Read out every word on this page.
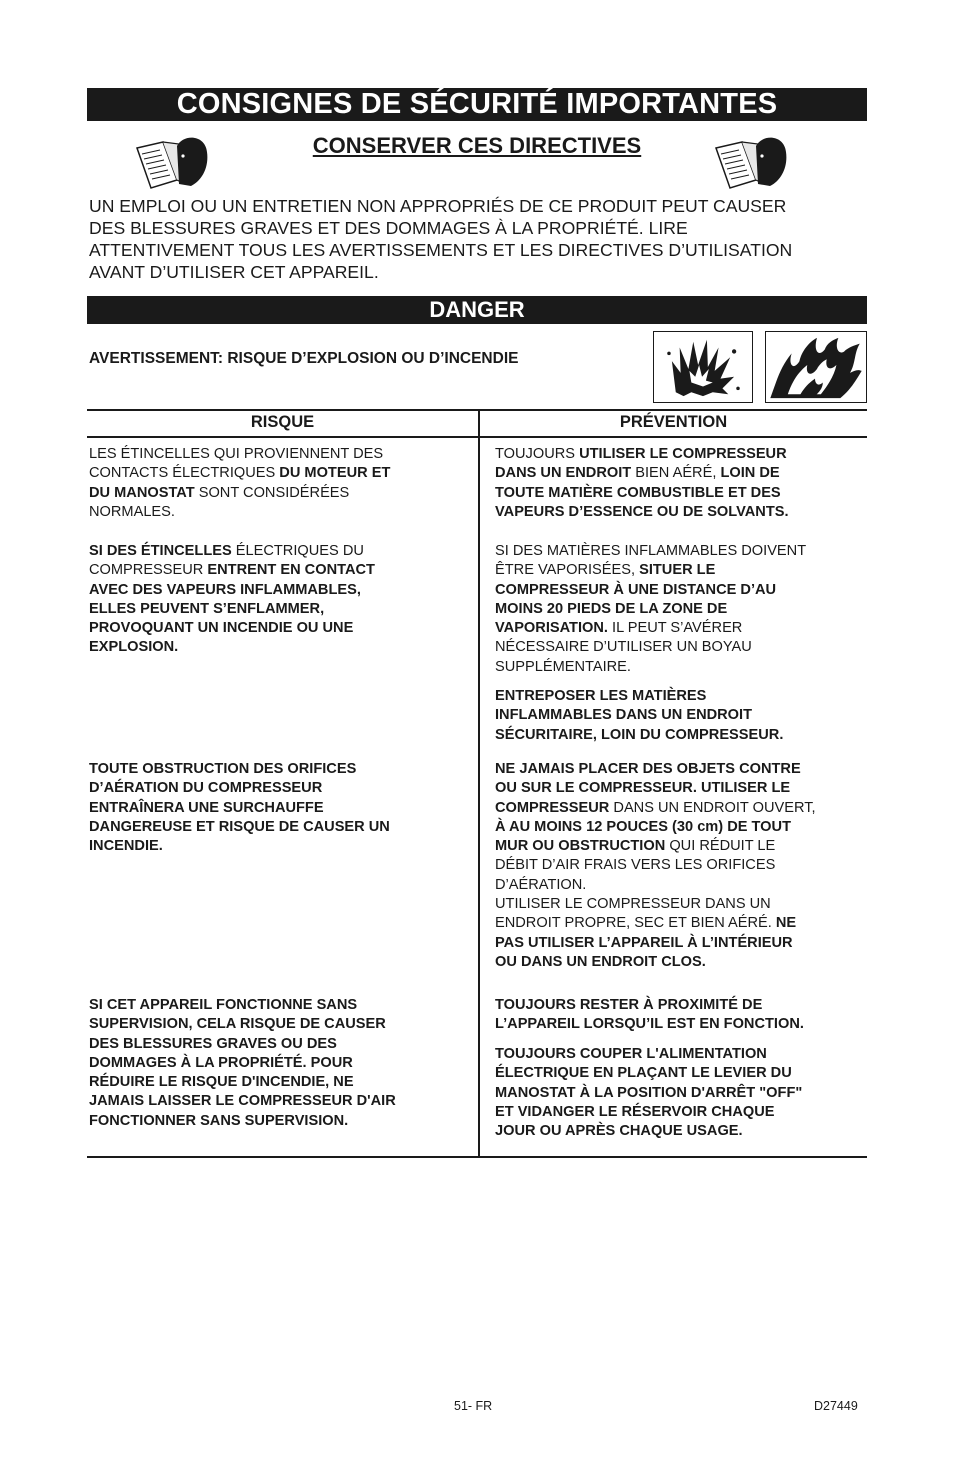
CONSIGNES DE SÉCURITÉ IMPORTANTES
CONSERVER CES DIRECTIVES
UN EMPLOI OU UN ENTRETIEN NON APPROPRIÉS DE CE PRODUIT PEUT CAUSER
DES BLESSURES GRAVES ET DES DOMMAGES À LA PROPRIÉTÉ. LIRE
ATTENTIVEMENT TOUS LES AVERTISSEMENTS ET LES DIRECTIVES D’UTILISATION
AVANT D’UTILISER CET APPAREIL.
DANGER
AVERTISSEMENT: RISQUE D’EXPLOSION OU D’INCENDIE
RISQUE	PRÉVENTION
LES ÉTINCELLES QUI PROVIENNENT DES
CONTACTS ÉLECTRIQUES DU MOTEUR ET
DU MANOSTAT SONT CONSIDÉRÉES
NORMALES.
SI DES ÉTINCELLES ÉLECTRIQUES DU
COMPRESSEUR ENTRENT EN CONTACT
AVEC DES VAPEURS INFLAMMABLES,
ELLES PEUVENT S’ENFLAMMER,
PROVOQUANT UN INCENDIE OU UNE
EXPLOSION.
TOUTE OBSTRUCTION DES ORIFICES
D’AÉRATION DU COMPRESSEUR
ENTRAÎNERA UNE SURCHAUFFE
DANGEREUSE ET RISQUE DE CAUSER UN
INCENDIE.
SI CET APPAREIL FONCTIONNE SANS
SUPERVISION, CELA RISQUE DE CAUSER
DES BLESSURES GRAVES OU DES
DOMMAGES À LA PROPRIÉTÉ. POUR
RÉDUIRE LE RISQUE D'INCENDIE, NE
JAMAIS LAISSER LE COMPRESSEUR D'AIR
FONCTIONNER SANS SUPERVISION.
TOUJOURS UTILISER LE COMPRESSEUR
DANS UN ENDROIT BIEN AÉRÉ, LOIN DE
TOUTE MATIÈRE COMBUSTIBLE ET DES
VAPEURS D’ESSENCE OU DE SOLVANTS.
SI DES MATIÈRES INFLAMMABLES DOIVENT
ÊTRE VAPORISÉES, SITUER LE
COMPRESSEUR À UNE DISTANCE D’AU
MOINS 20 PIEDS DE LA ZONE DE
VAPORISATION. IL PEUT S’AVÉRER
NÉCESSAIRE D’UTILISER UN BOYAU
SUPPLÉMENTAIRE.
ENTREPOSER LES MATIÈRES
INFLAMMABLES DANS UN ENDROIT
SÉCURITAIRE, LOIN DU COMPRESSEUR.
NE JAMAIS PLACER DES OBJETS CONTRE
OU SUR LE COMPRESSEUR. UTILISER LE
COMPRESSEUR DANS UN ENDROIT OUVERT,
À AU MOINS 12 POUCES (30 cm) DE TOUT
MUR OU OBSTRUCTION QUI RÉDUIT LE
DÉBIT D’AIR FRAIS VERS LES ORIFICES
D’AÉRATION.
UTILISER LE COMPRESSEUR DANS UN
ENDROIT PROPRE, SEC ET BIEN AÉRÉ. NE
PAS UTILISER L’APPAREIL À L’INTÉRIEUR
OU DANS UN ENDROIT CLOS.
TOUJOURS RESTER À PROXIMITÉ DE
L’APPAREIL LORSQU’IL EST EN FONCTION.
TOUJOURS COUPER L'ALIMENTATION
ÉLECTRIQUE EN PLAÇANT LE LEVIER DU
MANOSTAT À LA POSITION D'ARRÊT "OFF"
ET VIDANGER LE RÉSERVOIR CHAQUE
JOUR OU APRÈS CHAQUE USAGE.
51- FR	D27449
